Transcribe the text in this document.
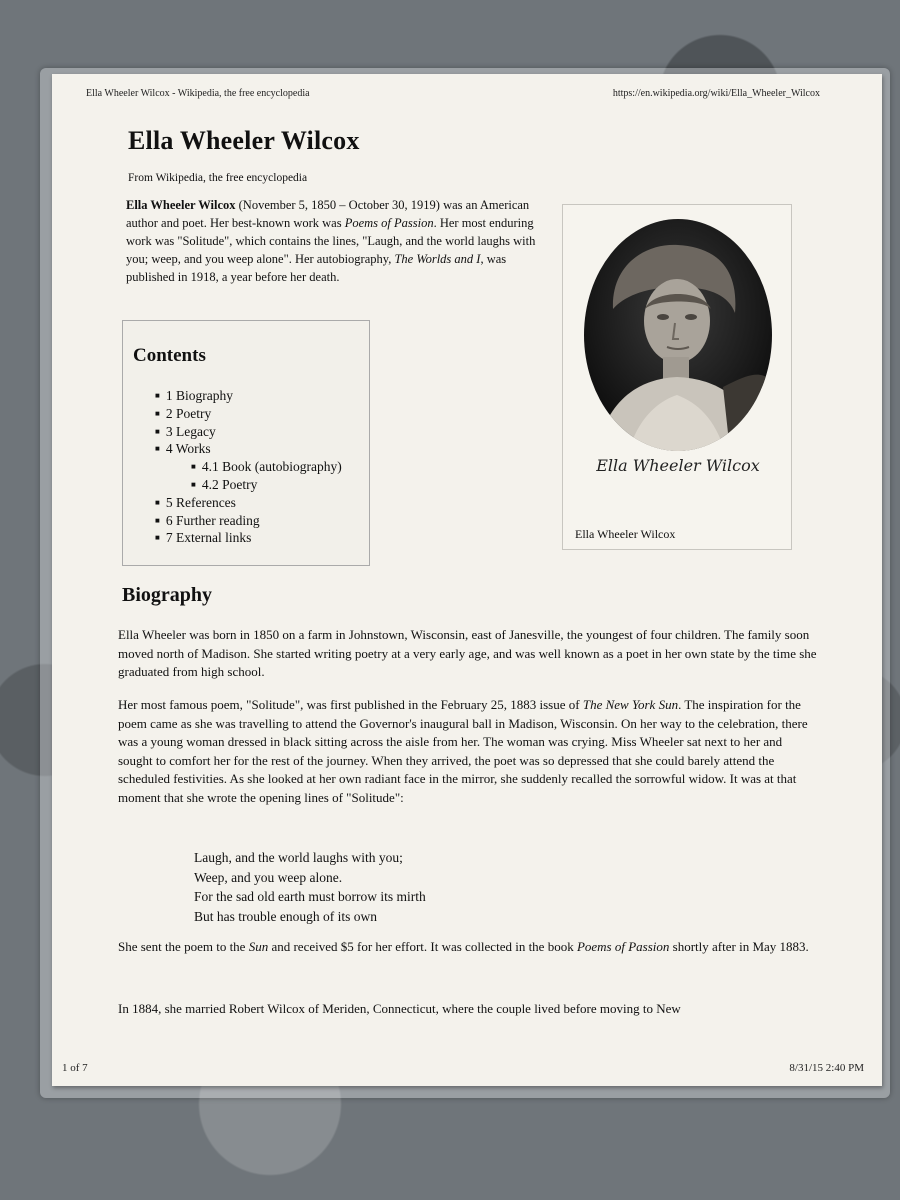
Ella Wheeler Wilcox - Wikipedia, the free encyclopedia	https://en.wikipedia.org/wiki/Ella_Wheeler_Wilcox
Ella Wheeler Wilcox
From Wikipedia, the free encyclopedia

Ella Wheeler Wilcox (November 5, 1850 – October 30, 1919) was an American author and poet. Her best-known work was Poems of Passion. Her most enduring work was "Solitude", which contains the lines, "Laugh, and the world laughs with you; weep, and you weep alone". Her autobiography, The Worlds and I, was published in 1918, a year before her death.

Contents
■ 1 Biography
■ 2 Poetry
■ 3 Legacy
■ 4 Works
■ 4.1 Book (autobiography)
■ 4.2 Poetry
■ 5 References
■ 6 Further reading
■ 7 External links
Ella Wheeler Wilcox
Ella Wheeler Wilcox
Biography

Ella Wheeler was born in 1850 on a farm in Johnstown, Wisconsin, east of Janesville, the youngest of four children. The family soon moved north of Madison. She started writing poetry at a very early age, and was well known as a poet in her own state by the time she graduated from high school.

Her most famous poem, "Solitude", was first published in the February 25, 1883 issue of The New York Sun. The inspiration for the poem came as she was travelling to attend the Governor's inaugural ball in Madison, Wisconsin. On her way to the celebration, there was a young woman dressed in black sitting across the aisle from her. The woman was crying. Miss Wheeler sat next to her and sought to comfort her for the rest of the journey. When they arrived, the poet was so depressed that she could barely attend the scheduled festivities. As she looked at her own radiant face in the mirror, she suddenly recalled the sorrowful widow. It was at that moment that she wrote the opening lines of "Solitude":

Laugh, and the world laughs with you;
Weep, and you weep alone.
For the sad old earth must borrow its mirth
But has trouble enough of its own

She sent the poem to the Sun and received $5 for her effort. It was collected in the book Poems of Passion shortly after in May 1883.

In 1884, she married Robert Wilcox of Meriden, Connecticut, where the couple lived before moving to New

1 of 7	8/31/15 2:40 PM
